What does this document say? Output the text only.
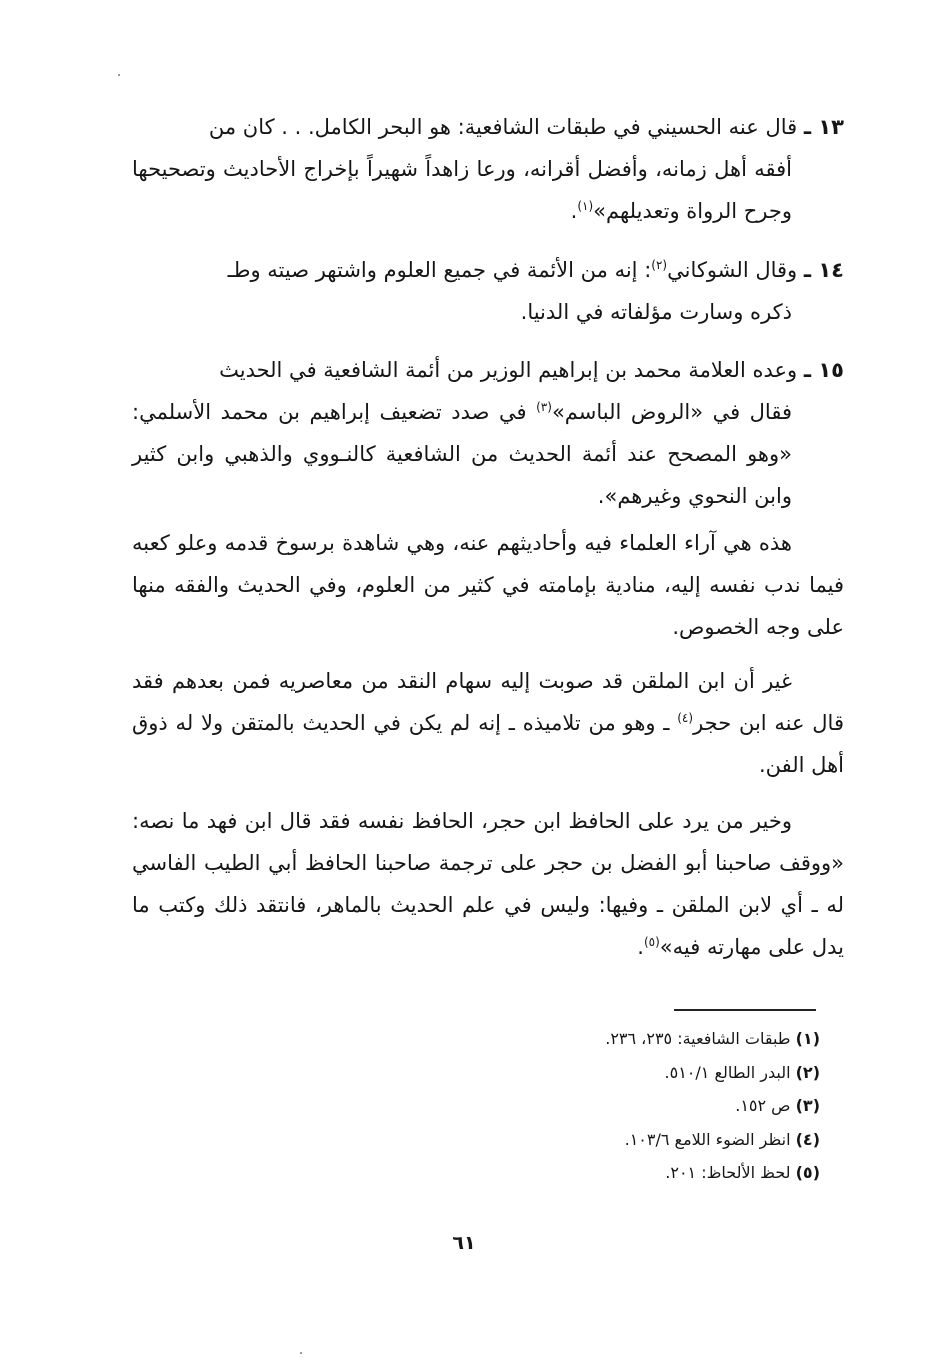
١٣ ـ قال عنه الحسيني في طبقات الشافعية: هو البحر الكامل. . . كان من
أفقه أهل زمانه، وأفضل أقرانه، ورعا زاهداً شهيراً بإخراج الأحاديث وتصحيحها وجرح الرواة وتعديلهم»$^{(١)}$.
١٤ ـ وقال الشوكاني$^{(٢)}$: إنه من الأئمة في جميع العلوم واشتهر صيته وطـ
ذكره وسارت مؤلفاته في الدنيا.
١٥ ـ وعده العلامة محمد بن إبراهيم الوزير من أئمة الشافعية في الحديث
فقال في «الروض الباسم»$^{(٣)}$ في صدد تضعيف إبراهيم بن محمد الأسلمي: «وهو المصحح عند أئمة الحديث من الشافعية كالنـووي والذهبي وابن كثير وابن النحوي وغيرهم».
هذه هي آراء العلماء فيه وأحاديثهم عنه، وهي شاهدة برسوخ قدمه وعلو كعبه فيما ندب نفسه إليه، منادية بإمامته في كثير من العلوم، وفي الحديث والفقه منها على وجه الخصوص.
غير أن ابن الملقن قد صوبت إليه سهام النقد من معاصريه فمن بعدهم فقد قال عنه ابن حجر$^{(٤)}$ ـ وهو من تلاميذه ـ إنه لم يكن في الحديث بالمتقن ولا له ذوق أهل الفن.
وخير من يرد على الحافظ ابن حجر، الحافظ نفسه فقد قال ابن فهد ما نصه: «ووقف صاحبنا أبو الفضل بن حجر على ترجمة صاحبنا الحافظ أبي الطيب الفاسي له ـ أي لابن الملقن ـ وفيها: وليس في علم الحديث بالماهر، فانتقد ذلك وكتب ما يدل على مهارته فيه»$^{(٥)}$.
(١) طبقات الشافعية: ٢٣٥، ٢٣٦.
(٢) البدر الطالع ٥١٠/١.
(٣) ص ١٥٢.
(٤) انظر الضوء اللامع ١٠٣/٦.
(٥) لحظ الألحاظ: ٢٠١.
٦١
